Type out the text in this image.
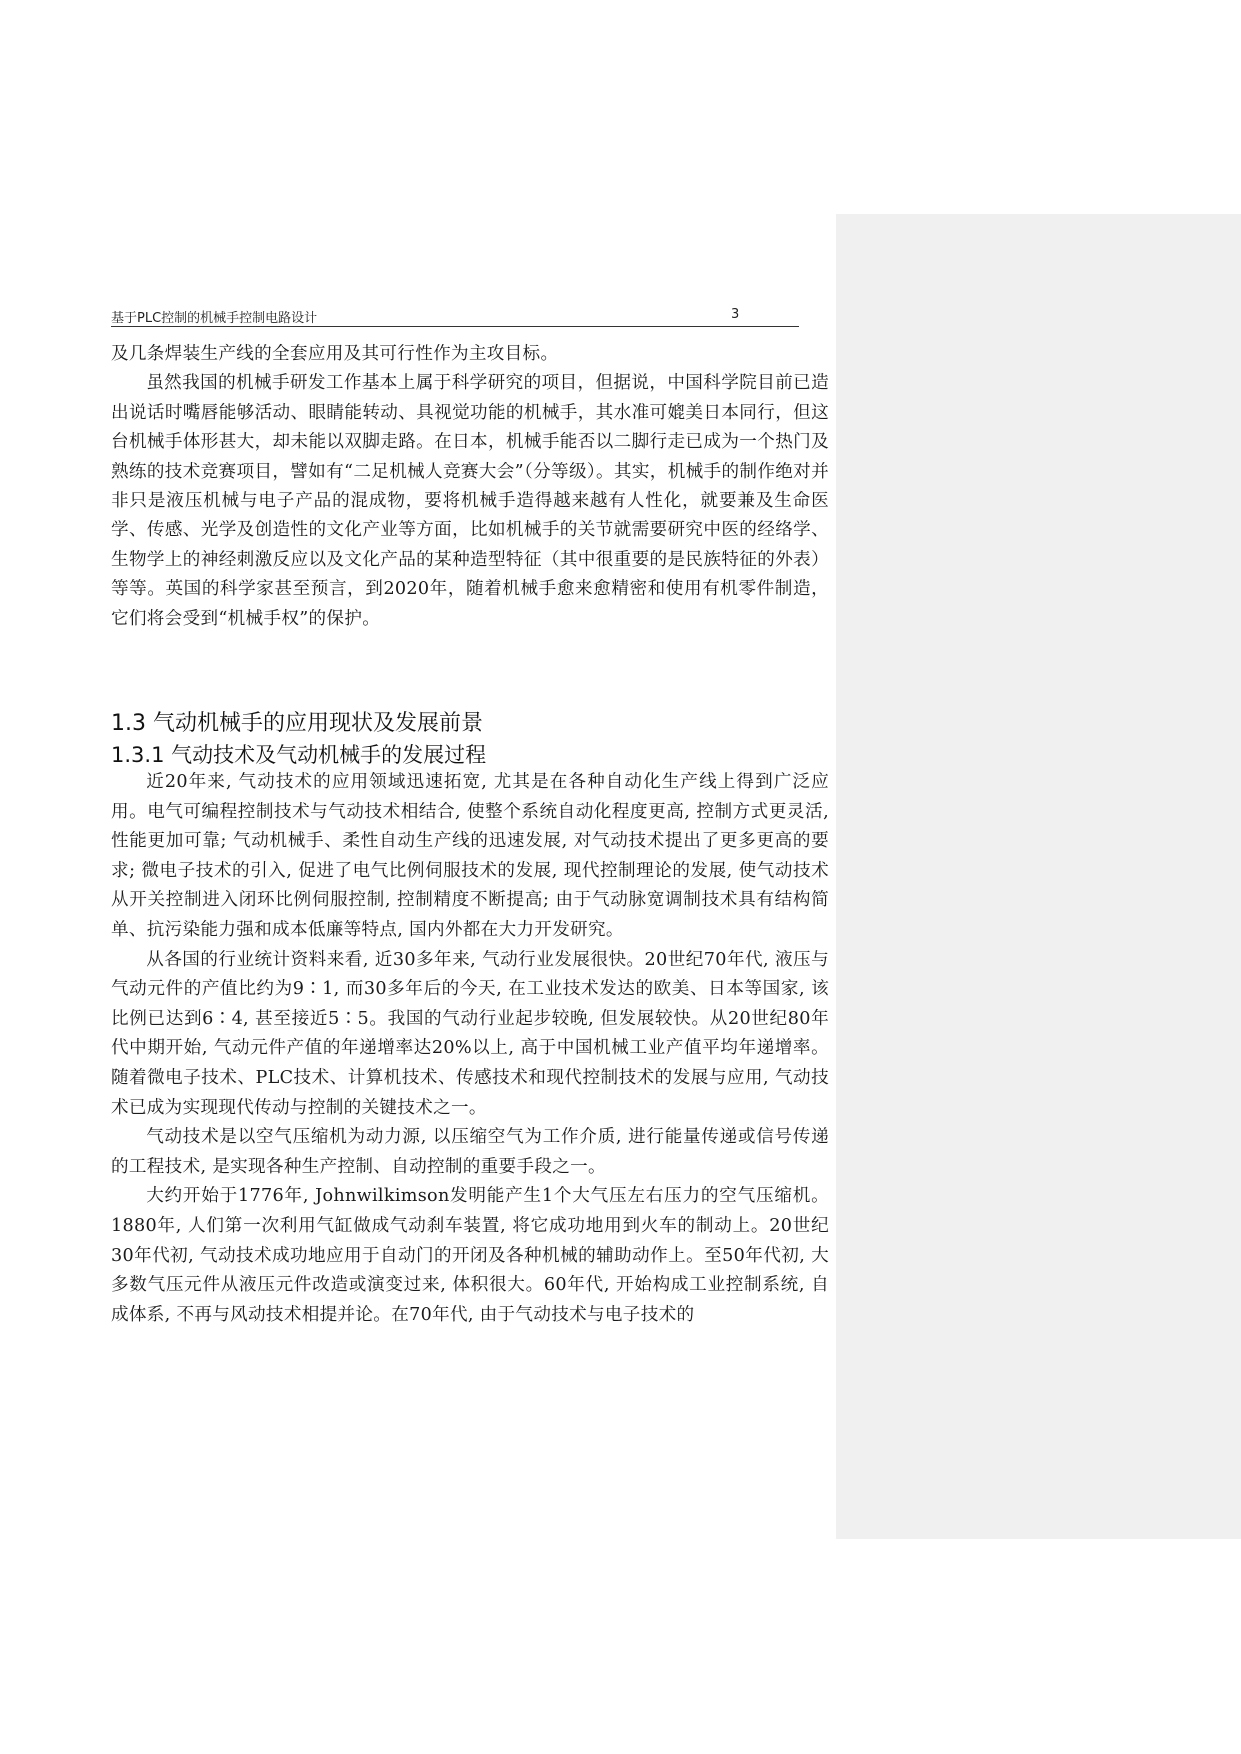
基于PLC控制的机械手控制电路设计	3

及几条焊装生产线的全套应用及其可行性作为主攻目标。

虽然我国的机械手研发工作基本上属于科学研究的项目，但据说，中国科学院目前已造出说话时嘴唇能够活动、眼睛能转动、具视觉功能的机械手，其水准可媲美日本同行，但这台机械手体形甚大，却未能以双脚走路。在日本，机械手能否以二脚行走已成为一个热门及熟练的技术竞赛项目，譬如有“二足机械人竞赛大会”（分等级）。其实，机械手的制作绝对并非只是液压机械与电子产品的混成物，要将机械手造得越来越有人性化，就要兼及生命医学、传感、光学及创造性的文化产业等方面，比如机械手的关节就需要研究中医的经络学、生物学上的神经刺激反应以及文化产品的某种造型特征（其中很重要的是民族特征的外表）等等。英国的科学家甚至预言，到2020年，随着机械手愈来愈精密和使用有机零件制造，它们将会受到“机械手权”的保护。

1.3 气动机械手的应用现状及发展前景
1.3.1 气动技术及气动机械手的发展过程

近20年来, 气动技术的应用领域迅速拓宽, 尤其是在各种自动化生产线上得到广泛应用。电气可编程控制技术与气动技术相结合, 使整个系统自动化程度更高, 控制方式更灵活, 性能更加可靠; 气动机械手、柔性自动生产线的迅速发展, 对气动技术提出了更多更高的要求; 微电子技术的引入, 促进了电气比例伺服技术的发展, 现代控制理论的发展, 使气动技术从开关控制进入闭环比例伺服控制, 控制精度不断提高; 由于气动脉宽调制技术具有结构简单、抗污染能力强和成本低廉等特点, 国内外都在大力开发研究。

从各国的行业统计资料来看, 近30多年来, 气动行业发展很快。20世纪70年代, 液压与气动元件的产值比约为9∶1, 而30多年后的今天, 在工业技术发达的欧美、日本等国家, 该比例已达到6∶4, 甚至接近5∶5。我国的气动行业起步较晚, 但发展较快。从20世纪80年代中期开始, 气动元件产值的年递增率达20%以上, 高于中国机械工业产值平均年递增率。随着微电子技术、PLC技术、计算机技术、传感技术和现代控制技术的发展与应用, 气动技术已成为实现现代传动与控制的关键技术之一。

气动技术是以空气压缩机为动力源, 以压缩空气为工作介质, 进行能量传递或信号传递的工程技术, 是实现各种生产控制、自动控制的重要手段之一。

大约开始于1776年, Johnwilkimson发明能产生1个大气压左右压力的空气压缩机。1880年, 人们第一次利用气缸做成气动刹车装置, 将它成功地用到火车的制动上。20世纪30年代初, 气动技术成功地应用于自动门的开闭及各种机械的辅助动作上。至50年代初, 大多数气压元件从液压元件改造或演变过来, 体积很大。60年代, 开始构成工业控制系统, 自成体系, 不再与风动技术相提并论。在70年代, 由于气动技术与电子技术的
